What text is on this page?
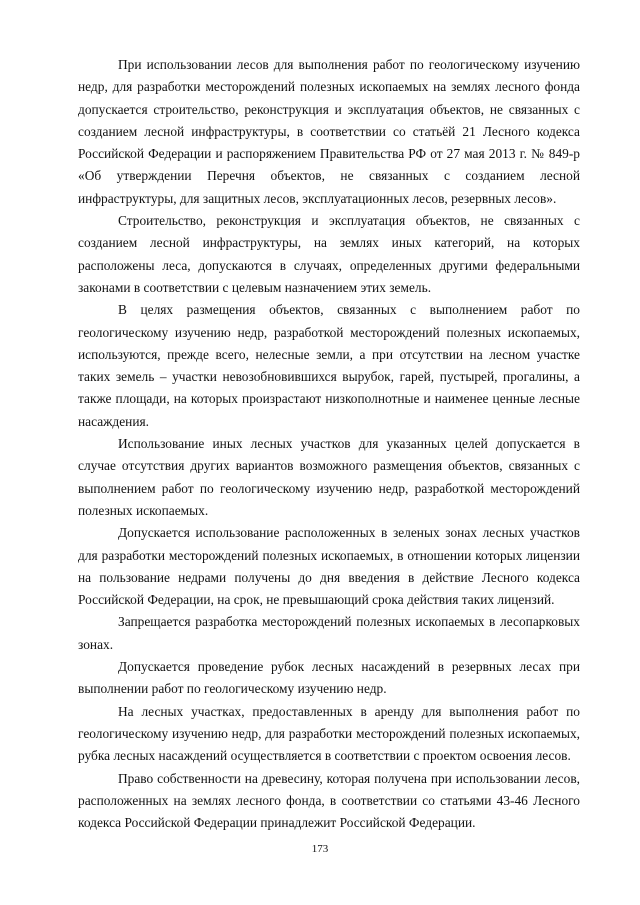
При использовании лесов для выполнения работ по геологическому изучению недр, для разработки месторождений полезных ископаемых на землях лесного фонда допускается строительство, реконструкция и эксплуатация объектов, не связанных с созданием лесной инфраструктуры, в соответствии со статьёй 21 Лесного кодекса Российской Федерации и распоряжением Правительства РФ от 27 мая 2013 г. № 849-р «Об утверждении Перечня объектов, не связанных с созданием лесной инфраструктуры, для защитных лесов, эксплуатационных лесов, резервных лесов».

Строительство, реконструкция и эксплуатация объектов, не связанных с созданием лесной инфраструктуры, на землях иных категорий, на которых расположены леса, допускаются в случаях, определенных другими федеральными законами в соответствии с целевым назначением этих земель.

В целях размещения объектов, связанных с выполнением работ по геологическому изучению недр, разработкой месторождений полезных ископаемых, используются, прежде всего, нелесные земли, а при отсутствии на лесном участке таких земель – участки невозобновившихся вырубок, гарей, пустырей, прогалины, а также площади, на которых произрастают низкополнотные и наименее ценные лесные насаждения.

Использование иных лесных участков для указанных целей допускается в случае отсутствия других вариантов возможного размещения объектов, связанных с выполнением работ по геологическому изучению недр, разработкой месторождений полезных ископаемых.

Допускается использование расположенных в зеленых зонах лесных участков для разработки месторождений полезных ископаемых, в отношении которых лицензии на пользование недрами получены до дня введения в действие Лесного кодекса Российской Федерации, на срок, не превышающий срока действия таких лицензий.

Запрещается разработка месторождений полезных ископаемых в лесопарковых зонах.

Допускается проведение рубок лесных насаждений в резервных лесах при выполнении работ по геологическому изучению недр.

На лесных участках, предоставленных в аренду для выполнения работ по геологическому изучению недр, для разработки месторождений полезных ископаемых, рубка лесных насаждений осуществляется в соответствии с проектом освоения лесов.

Право собственности на древесину, которая получена при использовании лесов, расположенных на землях лесного фонда, в соответствии со статьями 43-46 Лесного кодекса Российской Федерации принадлежит Российской Федерации.

173
